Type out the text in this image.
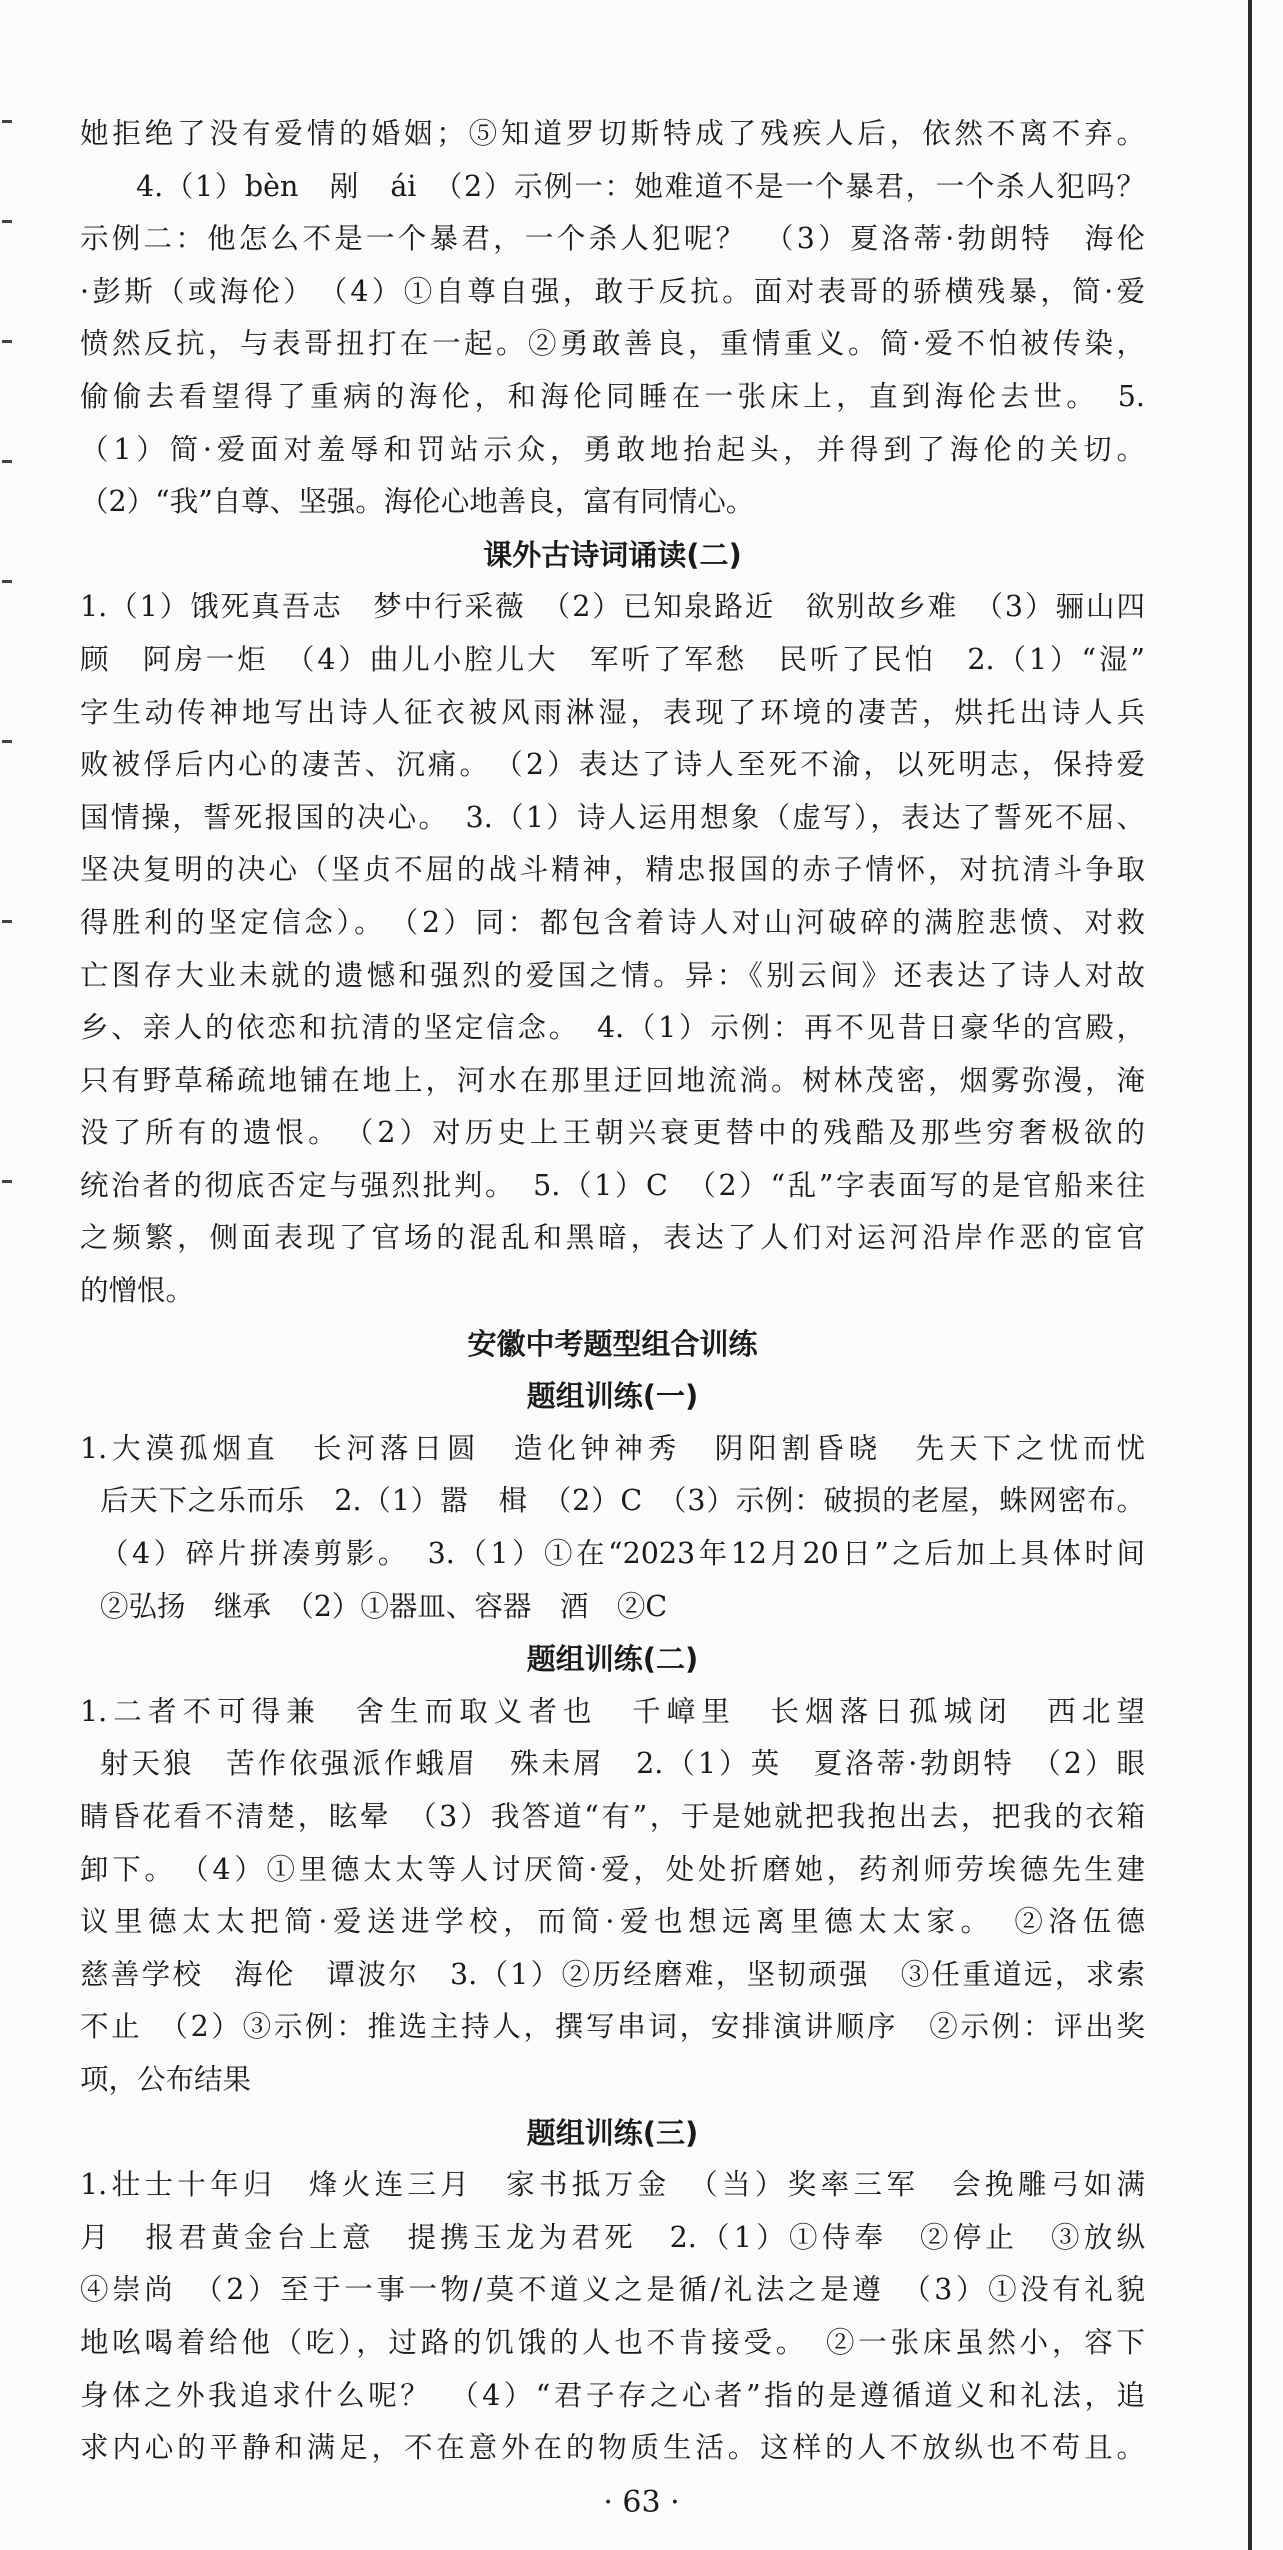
她拒绝了没有爱情的婚姻；⑤知道罗切斯特成了残疾人后，依然不离不弃。

4.（1）bèn　剐　ái　（2）示例一：她难道不是一个暴君，一个杀人犯吗？

示例二：他怎么不是一个暴君，一个杀人犯呢？　（3）夏洛蒂·勃朗特　海伦

·彭斯（或海伦）　（4）①自尊自强，敢于反抗。面对表哥的骄横残暴，简·爱

愤然反抗，与表哥扭打在一起。②勇敢善良，重情重义。简·爱不怕被传染，

偷偷去看望得了重病的海伦，和海伦同睡在一张床上，直到海伦去世。　5.

（1）简·爱面对羞辱和罚站示众，勇敢地抬起头，并得到了海伦的关切。

（2）“我”自尊、坚强。海伦心地善良，富有同情心。

课外古诗词诵读(二)

1.（1）饿死真吾志　梦中行采薇　（2）已知泉路近　欲别故乡难　（3）骊山四

顾　阿房一炬　（4）曲儿小腔儿大　军听了军愁　民听了民怕　2.（1）“湿”

字生动传神地写出诗人征衣被风雨淋湿，表现了环境的凄苦，烘托出诗人兵

败被俘后内心的凄苦、沉痛。　（2）表达了诗人至死不渝，以死明志，保持爱

国情操，誓死报国的决心。　3.（1）诗人运用想象（虚写），表达了誓死不屈、

坚决复明的决心（坚贞不屈的战斗精神，精忠报国的赤子情怀，对抗清斗争取

得胜利的坚定信念）。　（2）同：都包含着诗人对山河破碎的满腔悲愤、对救

亡图存大业未就的遗憾和强烈的爱国之情。异：《别云间》还表达了诗人对故

乡、亲人的依恋和抗清的坚定信念。　4.（1）示例：再不见昔日豪华的宫殿，

只有野草稀疏地铺在地上，河水在那里迂回地流淌。树林茂密，烟雾弥漫，淹

没了所有的遗恨。　（2）对历史上王朝兴衰更替中的残酷及那些穷奢极欲的

统治者的彻底否定与强烈批判。　5.（1）C　（2）“乱”字表面写的是官船来往

之频繁，侧面表现了官场的混乱和黑暗，表达了人们对运河沿岸作恶的宦官

的憎恨。

安徽中考题型组合训练

题组训练(一)

1.大漠孤烟直　长河落日圆　造化钟神秀　阴阳割昏晓　先天下之忧而忧

后天下之乐而乐　2.（1）嚣　楫　（2）C　（3）示例：破损的老屋，蛛网密布。

（4）碎片拼凑剪影。　3.（1）①在“2023年12月20日”之后加上具体时间

②弘扬　继承　（2）①器皿、容器　酒　②C

题组训练(二)

1.二者不可得兼　舍生而取义者也　千嶂里　长烟落日孤城闭　西北望

射天狼　苦作依强派作蛾眉　殊未屑　2.（1）英　夏洛蒂·勃朗特　（2）眼

睛昏花看不清楚，眩晕　（3）我答道“有”，于是她就把我抱出去，把我的衣箱

卸下。　（4）①里德太太等人讨厌简·爱，处处折磨她，药剂师劳埃德先生建

议里德太太把简·爱送进学校，而简·爱也想远离里德太太家。　②洛伍德

慈善学校　海伦　谭波尔　3.（1）②历经磨难，坚韧顽强　③任重道远，求索

不止　（2）③示例：推选主持人，撰写串词，安排演讲顺序　②示例：评出奖

项，公布结果

题组训练(三)

1.壮士十年归　烽火连三月　家书抵万金　（当）奖率三军　会挽雕弓如满

月　报君黄金台上意　提携玉龙为君死　2.（1）①侍奉　②停止　③放纵

④崇尚　（2）至于一事一物/莫不道义之是循/礼法之是遵　（3）①没有礼貌

地吆喝着给他（吃），过路的饥饿的人也不肯接受。　②一张床虽然小，容下

身体之外我追求什么呢？　（4）“君子存之心者”指的是遵循道义和礼法，追

求内心的平静和满足，不在意外在的物质生活。这样的人不放纵也不苟且。

· 63 ·
